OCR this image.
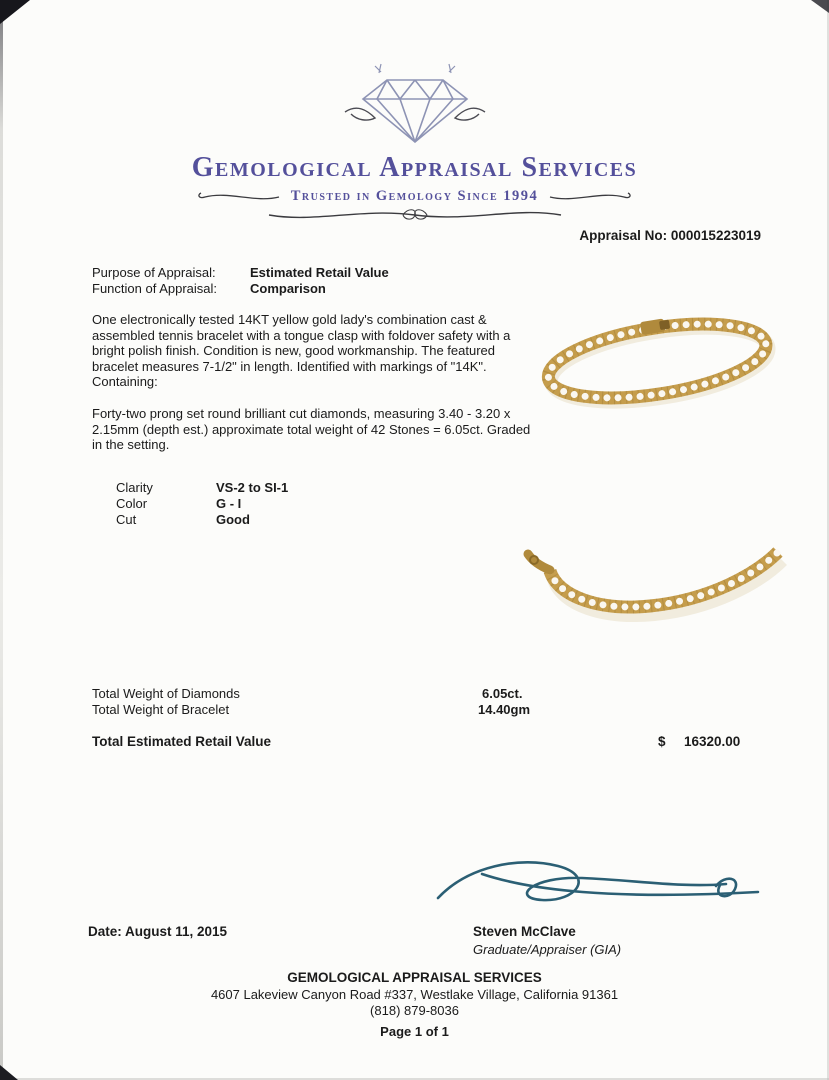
Gemological Appraisal Services
Trusted in Gemology Since 1994
Appraisal No: 000015223019
Purpose of Appraisal:	Estimated Retail Value
Function of Appraisal:	Comparison
One electronically tested 14KT yellow gold lady's combination cast & assembled tennis bracelet with a tongue clasp with foldover safety with a bright polish finish. Condition is new, good workmanship. The featured bracelet measures 7-1/2" in length. Identified with markings of "14K". Containing:
Forty-two prong set round brilliant cut diamonds, measuring 3.40 - 3.20 x 2.15mm (depth est.) approximate total weight of 42 Stones = 6.05ct. Graded in the setting.
Clarity	VS-2 to SI-1
Color	G - I
Cut	Good
Total Weight of Diamonds	6.05ct.
Total Weight of Bracelet	14.40gm
Total Estimated Retail Value	$ 16320.00
Date: August 11, 2015	Steven McClave
Graduate/Appraiser (GIA)
GEMOLOGICAL APPRAISAL SERVICES
4607 Lakeview Canyon Road #337, Westlake Village, California 91361
(818) 879-8036
Page 1 of 1
